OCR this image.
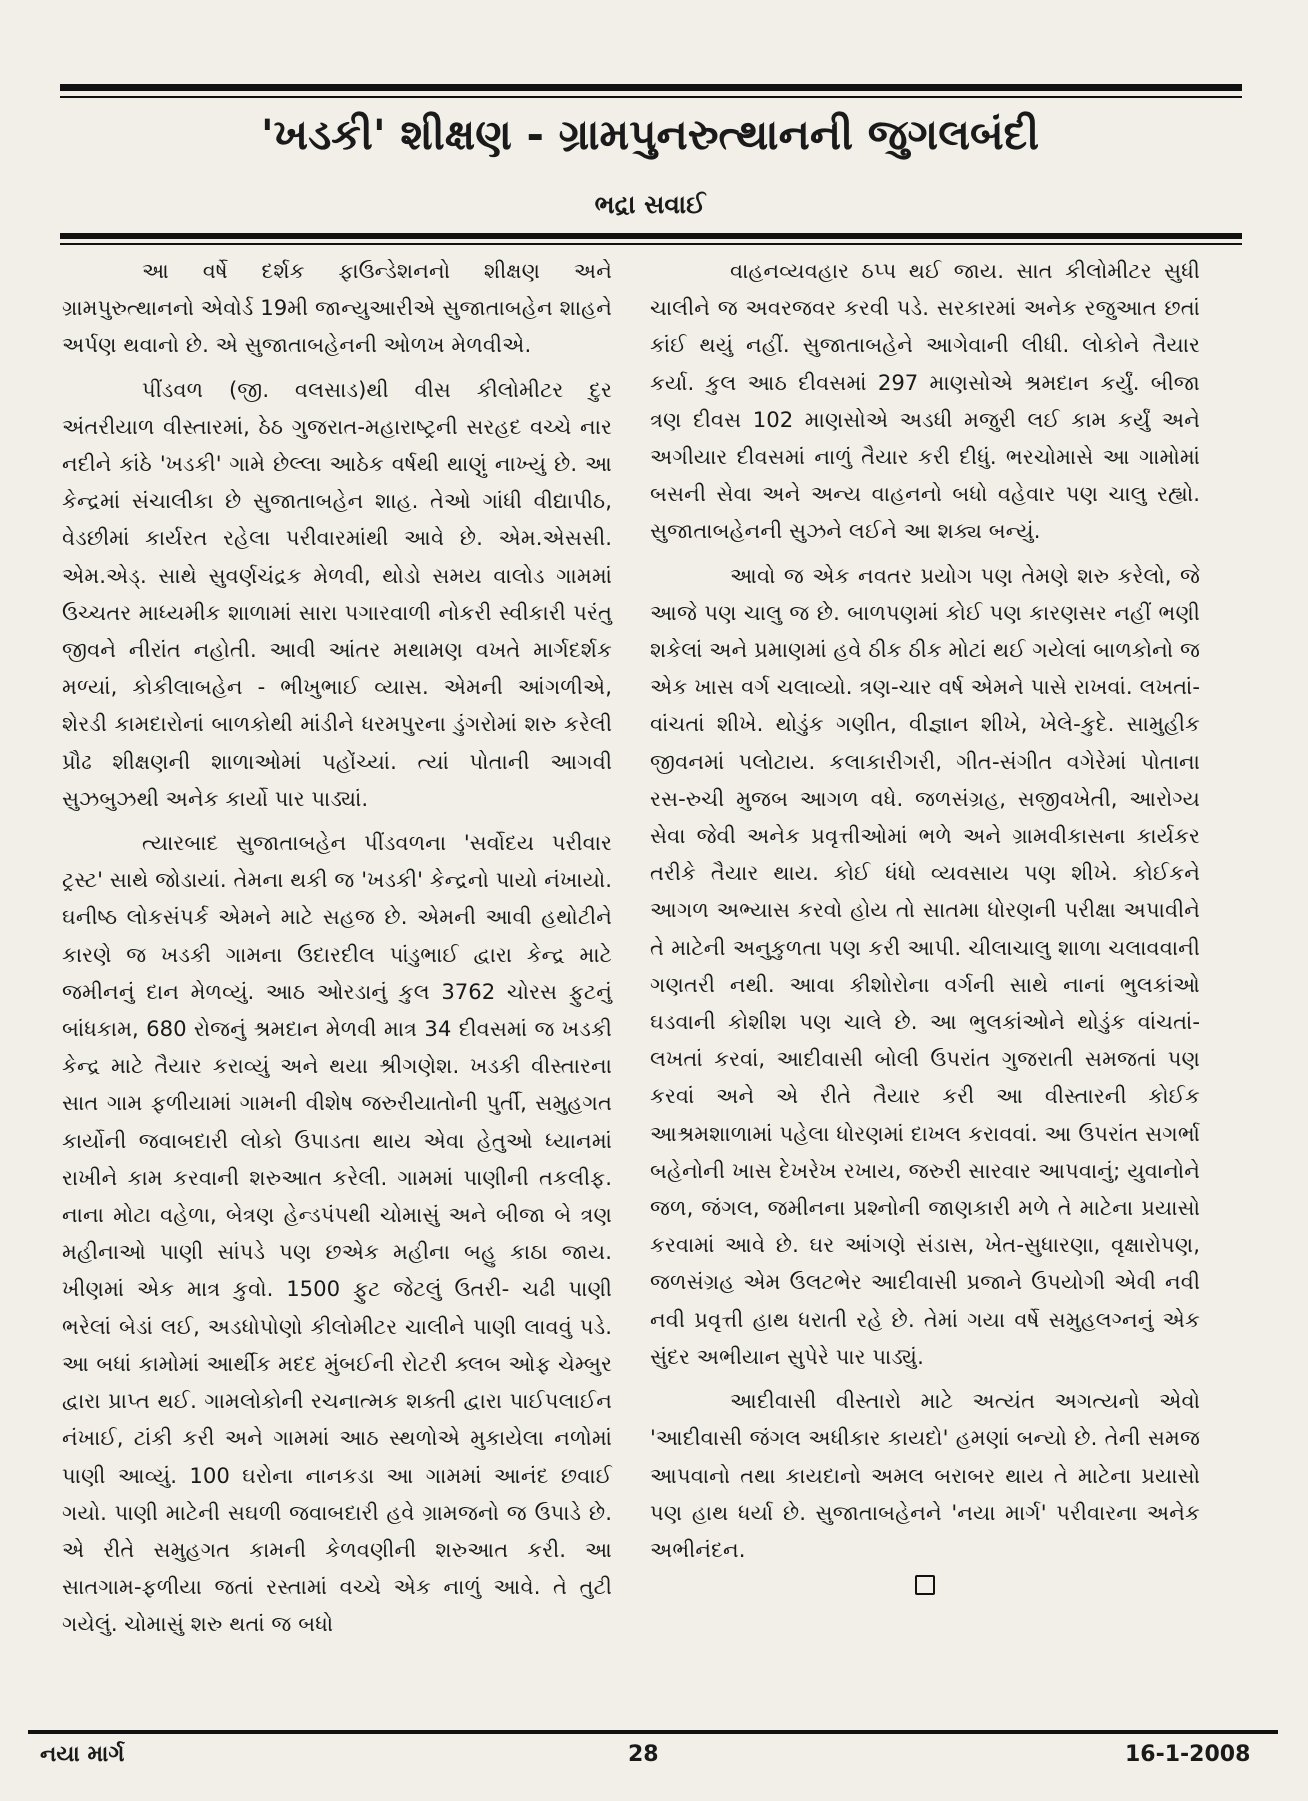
'ખડકી' શીક્ષણ - ગ્રામપુનરુત્થાનની જુગલબંદી
ભદ્રા સવાઈ

આ વર્ષે દર્શક ફાઉન્ડેશનનો શીક્ષણ અને ગ્રામપુરુત્થાનનો એવોર્ડ 19મી જાન્યુઆરીએ સુજાતાબહેન શાહને અર્પણ થવાનો છે. એ સુજાતાબહેનની ઓળખ મેળવીએ.

પીંડવળ (જી. વલસાડ)થી વીસ કીલોમીટર દુર અંતરીયાળ વીસ્તારમાં, ઠેઠ ગુજરાત-મહારાષ્ટ્રની સરહદ વચ્ચે નાર નદીને કાંઠે 'ખડકી' ગામે છેલ્લા આઠેક વર્ષથી થાણું નાખ્યું છે. આ કેન્દ્રમાં સંચાલીકા છે સુજાતાબહેન શાહ. તેઓ ગાંધી વીદ્યાપીઠ, વેડછીમાં કાર્યરત રહેલા પરીવારમાંથી આવે છે. એમ.એસસી. એમ.એડ્. સાથે સુવર્ણચંદ્રક મેળવી, થોડો સમય વાલોડ ગામમાં ઉચ્ચતર માધ્યમીક શાળામાં સારા પગારવાળી નોકરી સ્વીકારી પરંતુ જીવને નીરાંત નહોતી. આવી આંતર મથામણ વખતે માર્ગદર્શક મળ્યાં, કોકીલાબહેન - ભીખુભાઈ વ્યાસ. એમની આંગળીએ, શેરડી કામદારોનાં બાળકોથી માંડીને ધરમપુરના ડુંગરોમાં શરુ કરેલી પ્રૌઢ શીક્ષણની શાળાઓમાં પહોંચ્યાં. ત્યાં પોતાની આગવી સુઝબુઝથી અનેક કાર્યો પાર પાડ્યાં.

ત્યારબાદ સુજાતાબહેન પીંડવળના 'સર્વોદય પરીવાર ટ્રસ્ટ' સાથે જોડાયાં. તેમના થકી જ 'ખડકી' કેન્દ્રનો પાયો નંખાયો. ઘનીષ્ઠ લોકસંપર્ક એમને માટે સહજ છે. એમની આવી હથોટીને કારણે જ ખડકી ગામના ઉદારદીલ પાંડુભાઈ દ્વારા કેન્દ્ર માટે જમીનનું દાન મેળવ્યું. આઠ ઓરડાનું કુલ 3762 ચોરસ ફુટનું બાંધકામ, 680 રોજનું શ્રમદાન મેળવી માત્ર 34 દીવસમાં જ ખડકી કેન્દ્ર માટે તૈયાર કરાવ્યું અને થયા શ્રીગણેશ. ખડકી વીસ્તારના સાત ગામ ફળીયામાં ગામની વીશેષ જરુરીયાતોની પુર્તી, સમુહગત કાર્યોની જવાબદારી લોકો ઉપાડતા થાય એવા હેતુઓ ધ્યાનમાં રાખીને કામ કરવાની શરુઆત કરેલી. ગામમાં પાણીની તકલીફ. નાના મોટા વહેળા, બેત્રણ હેન્ડપંપથી ચોમાસું અને બીજા બે ત્રણ મહીનાઓ પાણી સાંપડે પણ છએક મહીના બહુ કાઠા જાય. ખીણમાં એક માત્ર કુવો. 1500 ફુટ જેટલું ઉતરી- ચઢી પાણી ભરેલાં બેડાં લઈ, અડધોપોણો કીલોમીટર ચાલીને પાણી લાવવું પડે. આ બધાં કામોમાં આર્થીક મદદ મુંબઈની રોટરી ક્લબ ઓફ ચેમ્બુર દ્વારા પ્રાપ્ત થઈ. ગામલોકોની રચનાત્મક શક્તી દ્વારા પાઈપલાઈન નંખાઈ, ટાંકી કરી અને ગામમાં આઠ સ્થળોએ મુકાયેલા નળોમાં પાણી આવ્યું. 100 ઘરોના નાનકડા આ ગામમાં આનંદ છવાઈ ગયો. પાણી માટેની સઘળી જવાબદારી હવે ગ્રામજનો જ ઉપાડે છે. એ રીતે સમુહગત કામની કેળવણીની શરુઆત કરી. આ સાતગામ-ફળીયા જતાં રસ્તામાં વચ્ચે એક નાળું આવે. તે તુટી ગયેલું. ચોમાસું શરુ થતાં જ બધો

વાહનવ્યવહાર ઠપ્પ થઈ જાય. સાત કીલોમીટર સુધી ચાલીને જ અવરજવર કરવી પડે. સરકારમાં અનેક રજુઆત છતાં કાંઈ થયું નહીં. સુજાતાબહેને આગેવાની લીધી. લોકોને તૈયાર કર્યા. કુલ આઠ દીવસમાં 297 માણસોએ શ્રમદાન કર્યું. બીજા ત્રણ દીવસ 102 માણસોએ અડધી મજુરી લઈ કામ કર્યું અને અગીયાર દીવસમાં નાળું તૈયાર કરી દીધું. ભરચોમાસે આ ગામોમાં બસની સેવા અને અન્ય વાહનનો બધો વહેવાર પણ ચાલુ રહ્યો. સુજાતાબહેનની સુઝને લઈને આ શક્ય બન્યું.

આવો જ એક નવતર પ્રયોગ પણ તેમણે શરુ કરેલો, જે આજે પણ ચાલુ જ છે. બાળપણમાં કોઈ પણ કારણસર નહીં ભણી શકેલાં અને પ્રમાણમાં હવે ઠીક ઠીક મોટાં થઈ ગયેલાં બાળકોનો જ એક ખાસ વર્ગ ચલાવ્યો. ત્રણ-ચાર વર્ષ એમને પાસે રાખવાં. લખતાં-વાંચતાં શીખે. થોડુંક ગણીત, વીજ્ઞાન શીખે, ખેલે-કુદે. સામુહીક જીવનમાં પલોટાય. કલાકારીગરી, ગીત-સંગીત વગેરેમાં પોતાના રસ-રુચી મુજબ આગળ વધે. જળસંગ્રહ, સજીવખેતી, આરોગ્ય સેવા જેવી અનેક પ્રવૃત્તીઓમાં ભળે અને ગ્રામવીકાસના કાર્યકર તરીકે તૈયાર થાય. કોઈ ધંધો વ્યવસાય પણ શીખે. કોઈકને આગળ અભ્યાસ કરવો હોય તો સાતમા ધોરણની પરીક્ષા અપાવીને તે માટેની અનુકુળતા પણ કરી આપી. ચીલાચાલુ શાળા ચલાવવાની ગણતરી નથી. આવા કીશોરોના વર્ગની સાથે નાનાં ભુલકાંઓ ઘડવાની કોશીશ પણ ચાલે છે. આ ભુલકાંઓને થોડુંક વાંચતાં-લખતાં કરવાં, આદીવાસી બોલી ઉપરાંત ગુજરાતી સમજતાં પણ કરવાં અને એ રીતે તૈયાર કરી આ વીસ્તારની કોઈક આશ્રમશાળામાં પહેલા ધોરણમાં દાખલ કરાવવાં. આ ઉપરાંત સગર્ભા બહેનોની ખાસ દેખરેખ રખાય, જરુરી સારવાર આપવાનું; યુવાનોને જળ, જંગલ, જમીનના પ્રશ્નોની જાણકારી મળે તે માટેના પ્રયાસો કરવામાં આવે છે. ઘર આંગણે સંડાસ, ખેત-સુધારણા, વૃક્ષારોપણ, જળસંગ્રહ એમ ઉલટભેર આદીવાસી પ્રજાને ઉપયોગી એવી નવી નવી પ્રવૃત્તી હાથ ધરાતી રહે છે. તેમાં ગયા વર્ષે સમુહલગ્નનું એક સુંદર અભીયાન સુપેરે પાર પાડ્યું.

આદીવાસી વીસ્તારો માટે અત્યંત અગત્યનો એવો 'આદીવાસી જંગલ અધીકાર કાયદો' હમણાં બન્યો છે. તેની સમજ આપવાનો તથા કાયદાનો અમલ બરાબર થાય તે માટેના પ્રયાસો પણ હાથ ધર્યા છે. સુજાતાબહેનને 'નયા માર્ગ' પરીવારના અનેક અભીનંદન.

નયા માર્ગ	28	16-1-2008
